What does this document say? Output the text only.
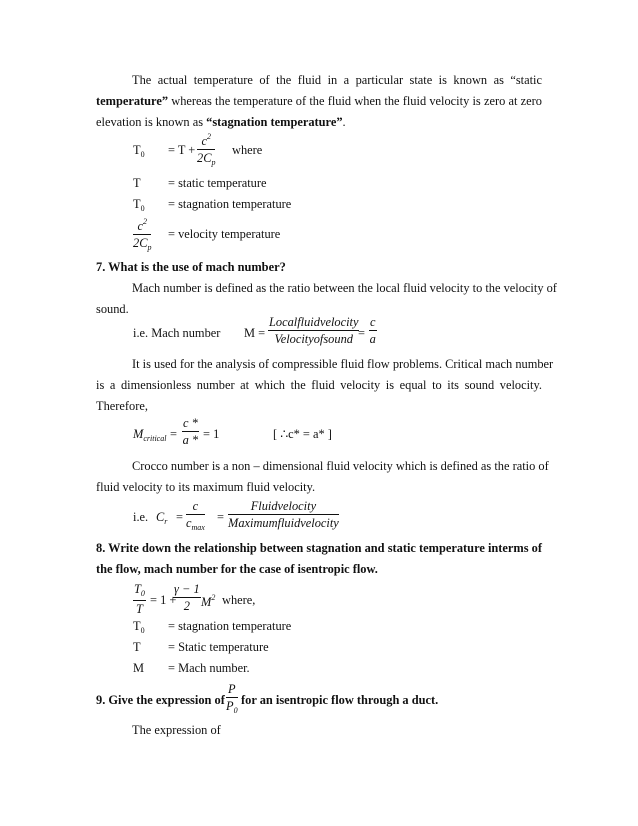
The actual temperature of the fluid in a particular state is known as “static
temperature” whereas the temperature of the fluid when the fluid velocity is zero at zero
elevation is known as “stagnation temperature”.
$T_0 = T$ +
$c^2$
$2C_p$
where
T = static temperature
$T_0$ = stagnation temperature
$c^2$
$2C_p$
= velocity temperature
7. What is the use of mach number?
Mach number is defined as the ratio between the local fluid velocity to the velocity of
sound.
i.e. Mach number M =
Localfluidvelocity
Velocityofsound =
c
a
It is used for the analysis of compressible fluid flow problems. Critical mach number
is a dimensionless number at which the fluid velocity is equal to its sound velocity.
Therefore,
$M_{critical}$ =
c *
a * = 1	[ ∴c* = a* ]
Crocco number is a non – dimensional fluid velocity which is defined as the ratio of
fluid velocity to its maximum fluid velocity.
i.e. $C_r$ =
c
$c_{max}$
=
Fluidvelocity
Maximumfluidvelocity
8. Write down the relationship between stagnation and static temperature interms of
the flow, mach number for the case of isentropic flow.
$T_0$
T
= 1 +
γ − 1
2 $M^2$ where,
$T_0$ = stagnation temperature
T = Static temperature
M = Mach number.
9. Give the expression of
P
$P_0$
for an isentropic flow through a duct.
The expression of
